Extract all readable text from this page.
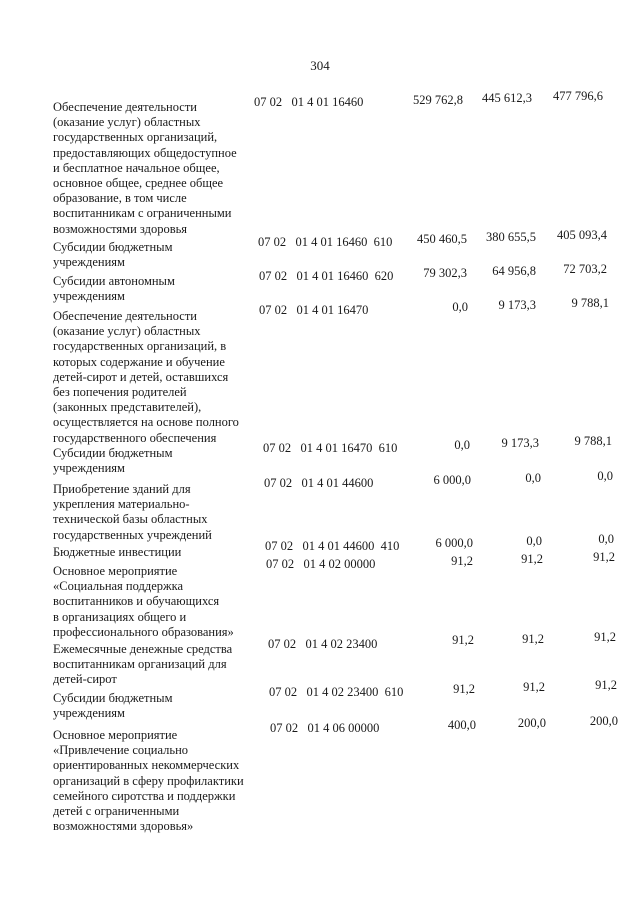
304
Обеспечение деятельности
(оказание услуг) областных
государственных организаций,
предоставляющих общедоступное
и бесплатное начальное общее,
основное общее, среднее общее
образование, в том числе
воспитанникам с ограниченными
возможностями здоровья
07 02   01 4 01 16460	529 762,8	445 612,3	477 796,6
Субсидии бюджетным
учреждениям
07 02   01 4 01 16460  610	450 460,5	380 655,5	405 093,4
Субсидии автономным
учреждениям
07 02   01 4 01 16460  620	79 302,3	64 956,8	72 703,2
Обеспечение деятельности
(оказание услуг) областных
государственных организаций, в
которых содержание и обучение
детей-сирот и детей, оставшихся
без попечения родителей
(законных представителей),
осуществляется на основе полного
государственного обеспечения
07 02   01 4 01 16470	0,0	9 173,3	9 788,1
Субсидии бюджетным
учреждениям
07 02   01 4 01 16470  610	0,0	9 173,3	9 788,1
Приобретение зданий для
укрепления материально-
технической базы областных
государственных учреждений
07 02   01 4 01 44600	6 000,0	0,0	0,0
Бюджетные инвестиции	07 02   01 4 01 44600  410	6 000,0	0,0	0,0
Основное мероприятие
«Социальная поддержка
воспитанников и обучающихся
в организациях общего и
профессионального образования»
07 02   01 4 02 00000	91,2	91,2	91,2
Ежемесячные денежные средства
воспитанникам организаций для
детей-сирот
07 02   01 4 02 23400	91,2	91,2	91,2
Субсидии бюджетным
учреждениям
07 02   01 4 02 23400  610	91,2	91,2	91,2
Основное мероприятие
«Привлечение социально
ориентированных некоммерческих
организаций в сферу профилактики
семейного сиротства и поддержки
детей с ограниченными
возможностями здоровья»
07 02   01 4 06 00000	400,0	200,0	200,0
